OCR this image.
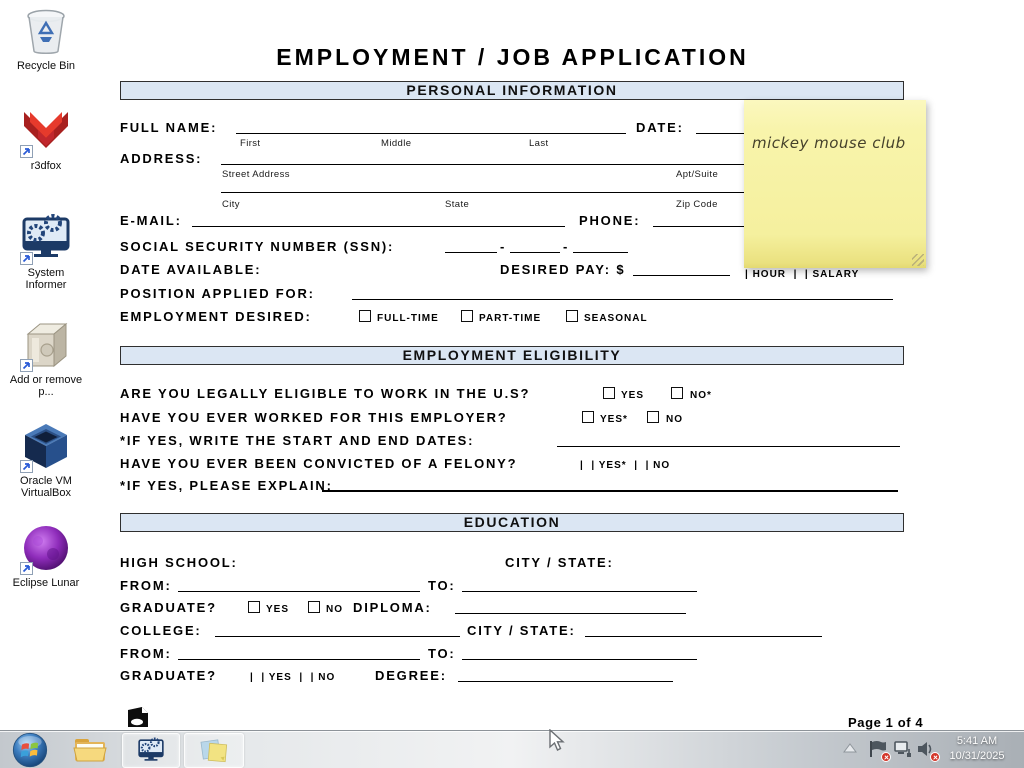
Recycle Bin
r3dfox
System Informer
Add or remove p...
Oracle VM VirtualBox
Eclipse Lunar
EMPLOYMENT / JOB APPLICATION
PERSONAL INFORMATION
FULL NAME:	DATE:
First	Middle	Last
ADDRESS:
Street Address	Apt/Suite
City	State	Zip Code
E-MAIL:	PHONE:
SOCIAL SECURITY NUMBER (SSN):	-	-
DATE AVAILABLE:	DESIRED PAY: $	| HOUR  |  | SALARY
POSITION APPLIED FOR:
EMPLOYMENT DESIRED:	FULL-TIME	PART-TIME	SEASONAL
EMPLOYMENT ELIGIBILITY
ARE YOU LEGALLY ELIGIBLE TO WORK IN THE U.S?	YES	NO*
HAVE YOU EVER WORKED FOR THIS EMPLOYER?	YES*	NO
*IF YES, WRITE THE START AND END DATES:
HAVE YOU EVER BEEN CONVICTED OF A FELONY?	|  | YES*  |  | NO
*IF YES, PLEASE EXPLAIN:
EDUCATION
HIGH SCHOOL:	CITY / STATE:
FROM:	TO:
GRADUATE?	YES	NO DIPLOMA:
COLLEGE:	CITY / STATE:
FROM:	TO:
GRADUATE?	|  | YES  |  | NO	DEGREE:
Page 1 of 4
mickey mouse club
5:41 AM
10/31/2025
